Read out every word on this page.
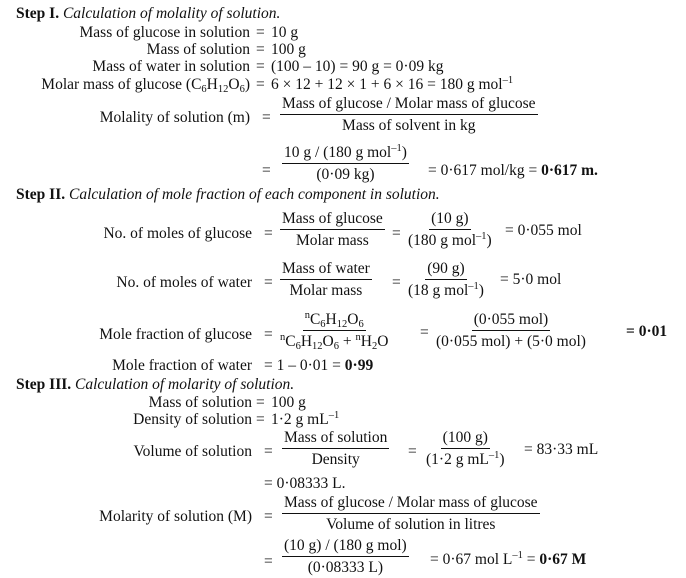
Step I. Calculation of molality of solution.
Mass of glucose in solution = 10 g
Mass of solution = 100 g
Mass of water in solution = (100 – 10) = 90 g = 0·09 kg
Molar mass of glucose $(C_6H_{12}O_6) = 6 \times 12 + 12 \times 1 + 6 \times 16 = 180$ g mol$^{-1}$
Molality of solution (m) =
Mass of glucose / Molar mass of glucose
Mass of solvent in kg
=
10 g / (180 g mol$^{-1}$)
(0·09 kg)	= 0·617 mol/kg = 0·617 m.
Step II. Calculation of mole fraction of each component in solution.
No. of moles of glucose =
Mass of glucose
Molar mass =
(10 g)
(180 g mol$^{-1}$)
= 0·055 mol
No. of moles of water =
Mass of water
Molar mass =
(90 g)
(18 g mol$^{-1}$)
= 5·0 mol
Mole fraction of $glucose = \frac{^nC_6H_{12}O_6}{^nC_6H_{12}O_6 + ^nH_2O}$ =
(0·055 mol)
(0·055 mol) + (5·0 mol)
= 0·01
Mole fraction of water = 1 – 0·01 = 0·99
Step III. Calculation of molarity of solution.
Mass of solution = 100 g
Density of solution = 1·2 g $mL^{-1}$
Volume of solution =
Mass of solution
Density	= $\frac{(100 g)}{(1\cdot 2 g mL^{-1})} = 83\cdot 33$ mL
= 0·08333 L.
Molarity of solution (M) =
Mass of glucose / Molar mass of glucose
Volume of solution in litres
=
(10 g) / (180 g mol)
(0·08333 L)	= 0·67 mol $L^{-1} = 0\cdot 67$ M
